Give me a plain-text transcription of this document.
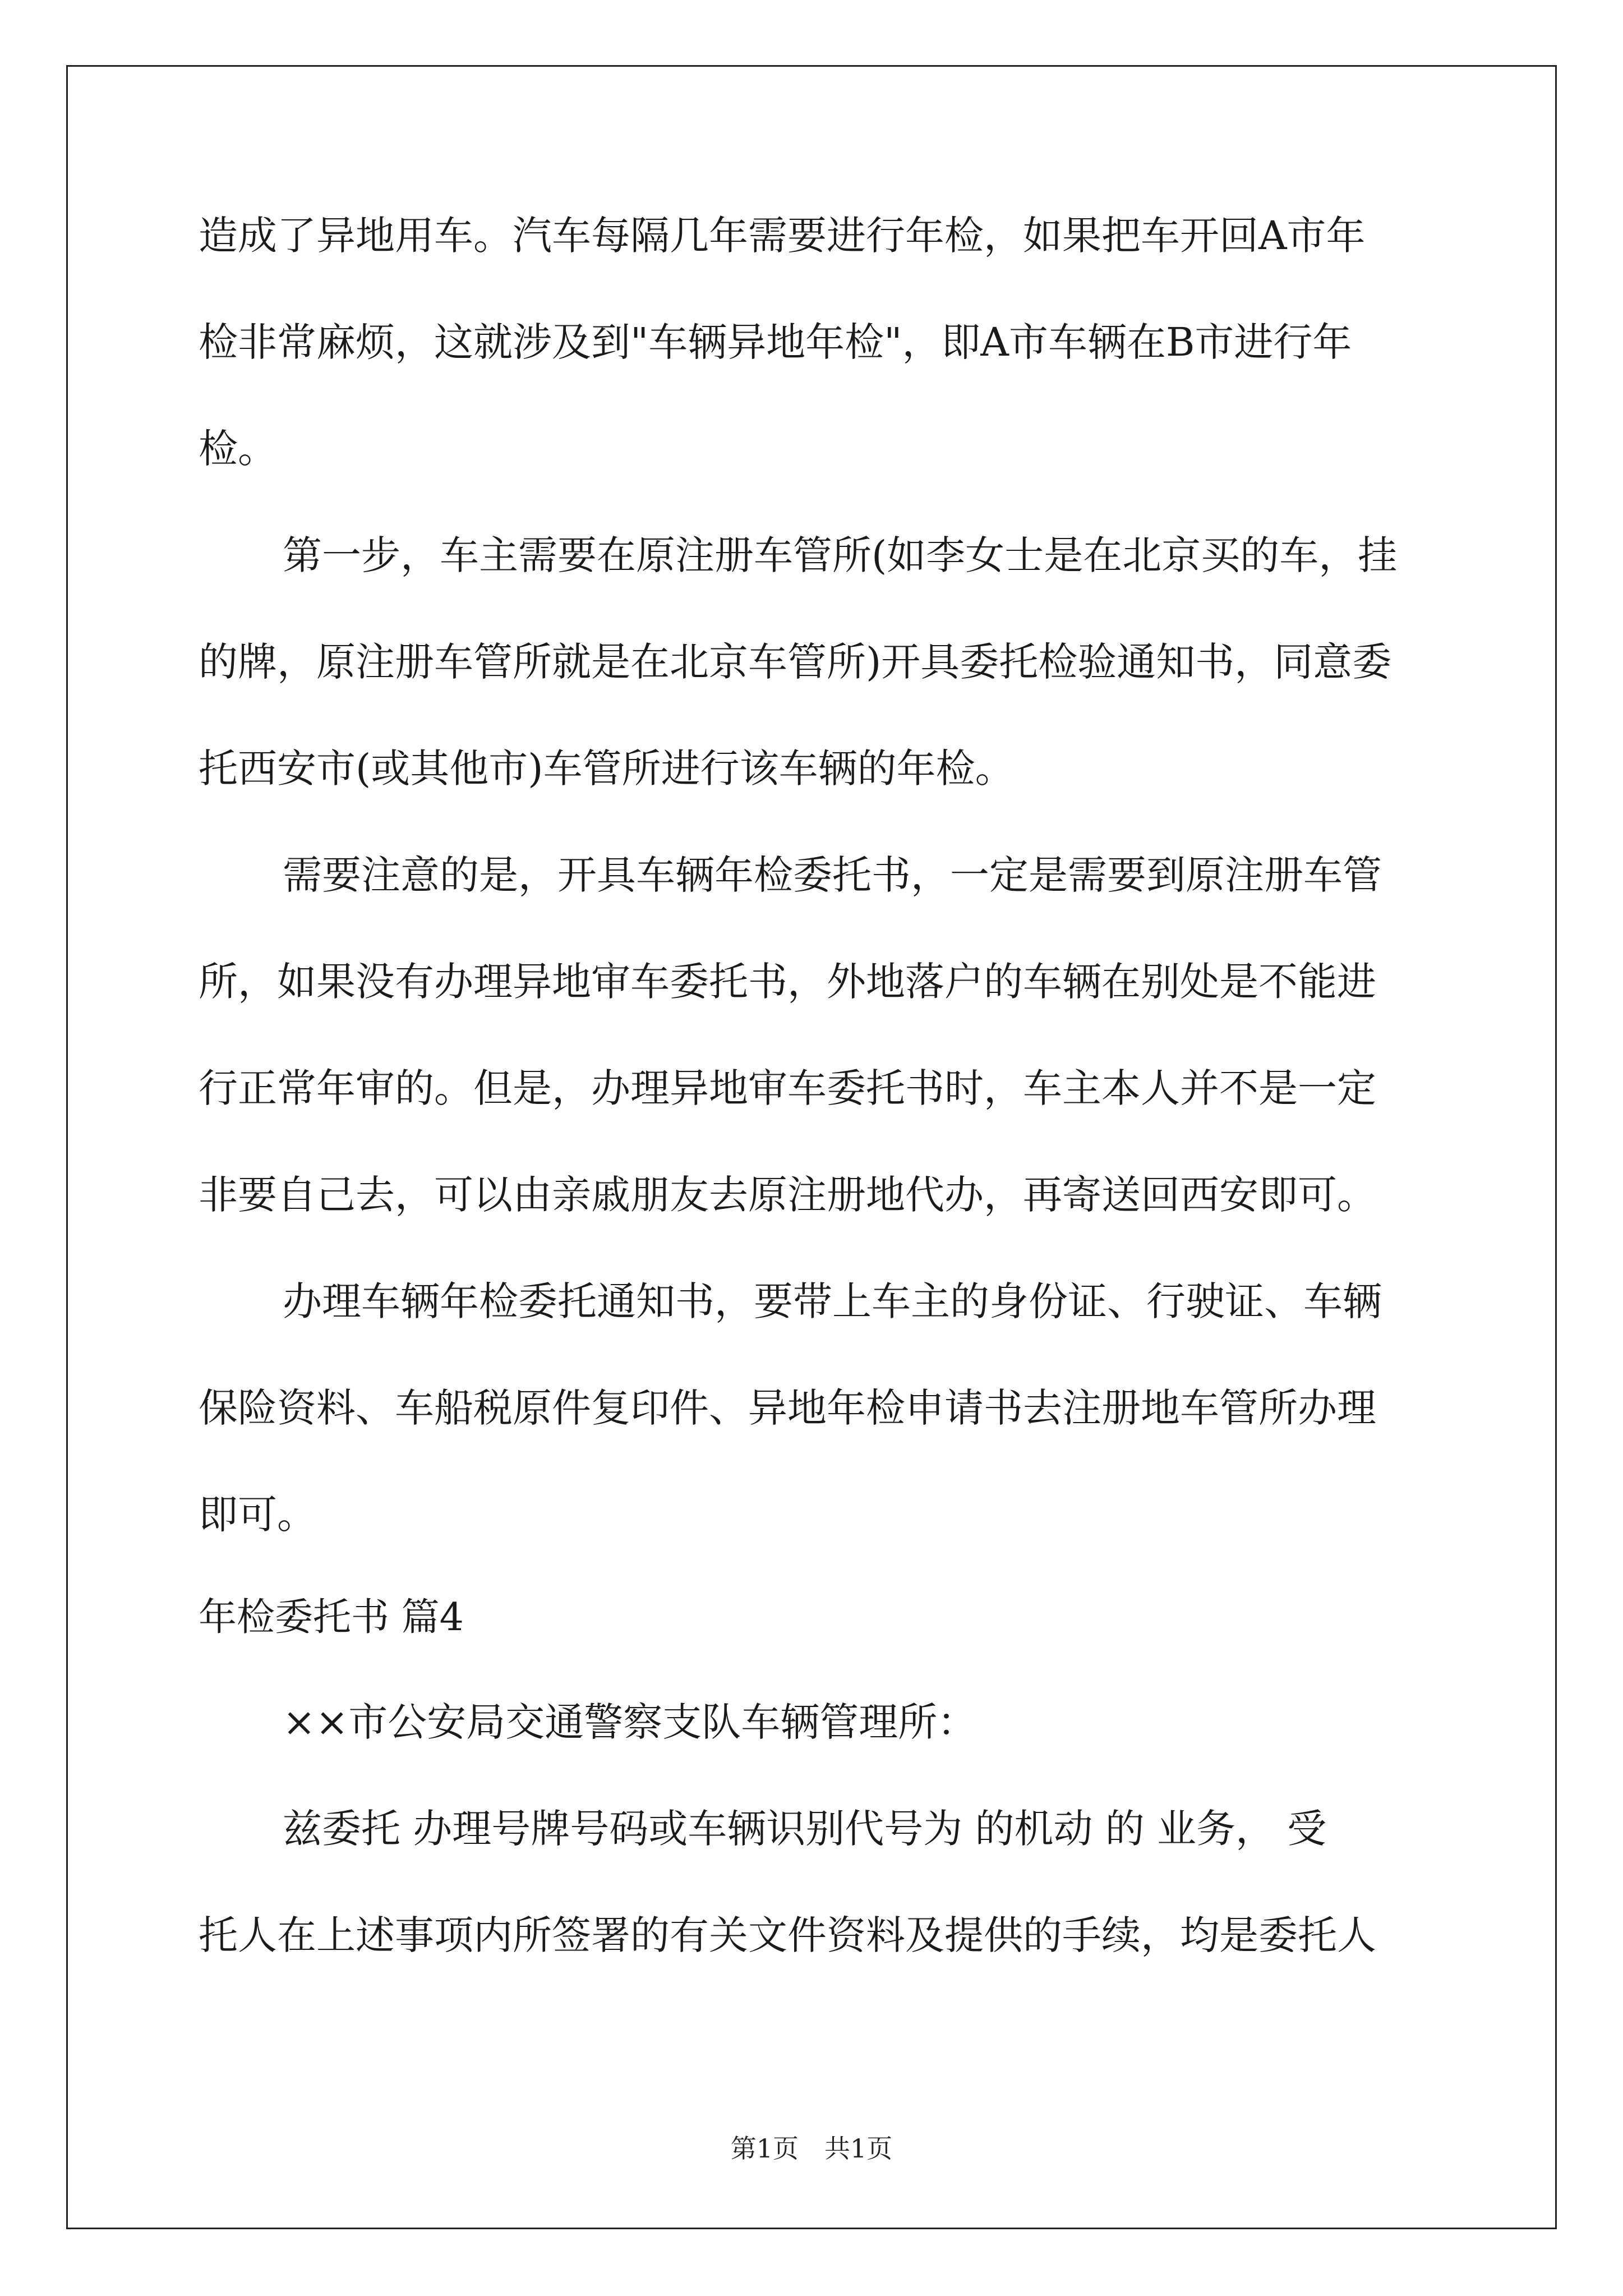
造成了异地用车。汽车每隔几年需要进行年检，如果把车开回A市年
检非常麻烦，这就涉及到"车辆异地年检"，即A市车辆在B市进行年
检。
第一步，车主需要在原注册车管所(如李女士是在北京买的车，挂
的牌，原注册车管所就是在北京车管所)开具委托检验通知书，同意委
托西安市(或其他市)车管所进行该车辆的年检。
需要注意的是，开具车辆年检委托书，一定是需要到原注册车管
所，如果没有办理异地审车委托书，外地落户的车辆在别处是不能进
行正常年审的。但是，办理异地审车委托书时，车主本人并不是一定
非要自己去，可以由亲戚朋友去原注册地代办，再寄送回西安即可。
办理车辆年检委托通知书，要带上车主的身份证、行驶证、车辆
保险资料、车船税原件复印件、异地年检申请书去注册地车管所办理
即可。
年检委托书 篇4
××市公安局交通警察支队车辆管理所：
兹委托 办理号牌号码或车辆识别代号为 的机动 的 业务， 受
托人在上述事项内所签署的有关文件资料及提供的手续，均是委托人
第1页　共1页
